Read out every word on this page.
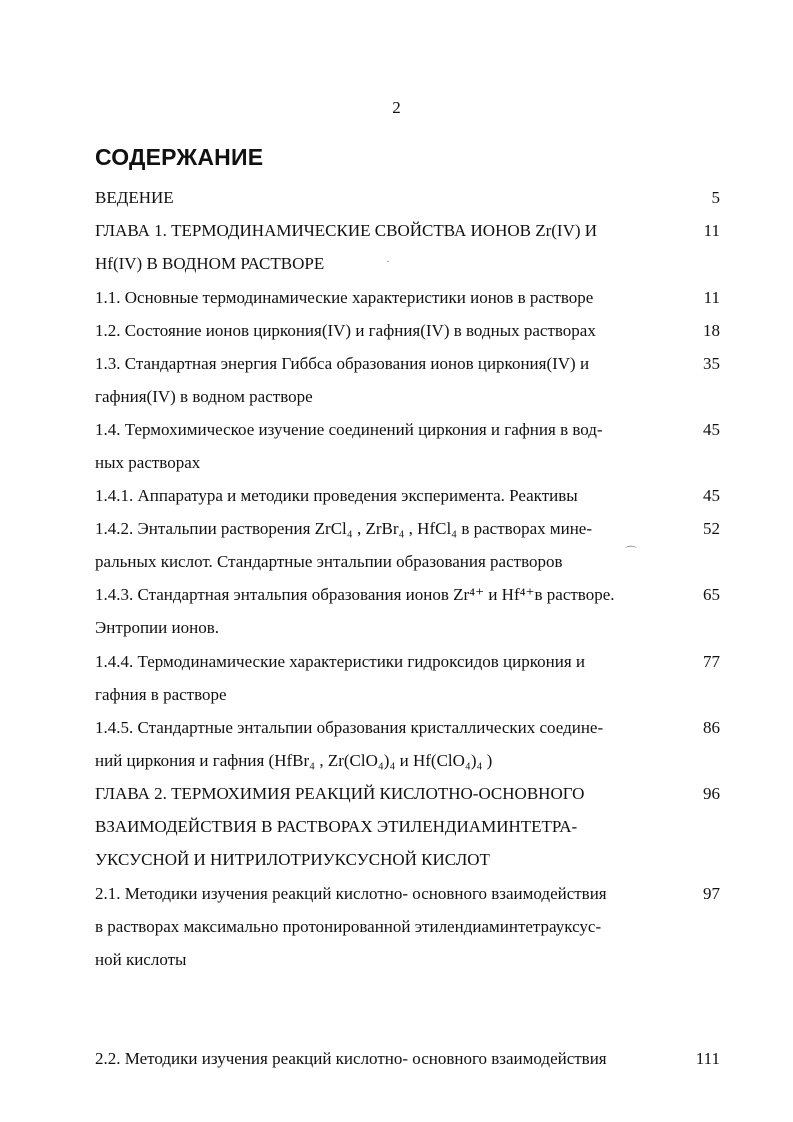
2
СОДЕРЖАНИЕ
ВЕДЕНИЕ	5
ГЛАВА 1. ТЕРМОДИНАМИЧЕСКИЕ СВОЙСТВА ИОНОВ Zr(IV) И
Hf(IV) В ВОДНОМ РАСТВОРЕ
11
1.1. Основные термодинамические характеристики ионов в растворе	11
1.2. Состояние ионов циркония(IV) и гафния(IV) в водных растворах	18
1.3. Стандартная энергия Гиббса образования ионов циркония(IV) и
гафния(IV) в водном растворе
35
1.4. Термохимическое изучение соединений циркония и гафния в вод-
ных растворах
45
1.4.1. Аппаратура и методики проведения эксперимента. Реактивы	45
1.4.2. Энтальпии растворения ZrCl₄ , ZrBr₄ , HfCl₄ в растворах мине-
ральных кислот. Стандартные энтальпии образования растворов
52
1.4.3. Стандартная энтальпия образования ионов Zr⁴⁺ и Hf⁴⁺в растворе.
Энтропии ионов.
65
1.4.4. Термодинамические характеристики гидроксидов циркония и
гафния в растворе
77
1.4.5. Стандартные энтальпии образования кристаллических соедине-
ний циркония и гафния (HfBr₄ , Zr(ClO₄)₄ и Hf(ClO₄)₄ )
86
ГЛАВА 2. ТЕРМОХИМИЯ РЕАКЦИЙ КИСЛОТНО-ОСНОВНОГО
ВЗАИМОДЕЙСТВИЯ В РАСТВОРАХ ЭТИЛЕНДИАМИНТЕТРА-
УКСУСНОЙ И НИТРИЛОТРИУКСУСНОЙ КИСЛОТ
96
2.1. Методики изучения реакций кислотно- основного взаимодействия
в растворах максимально протонированной этилендиаминтетрауксус-
ной кислоты
97
2.2. Методики изучения реакций кислотно- основного взаимодействия	111
·
⌒
